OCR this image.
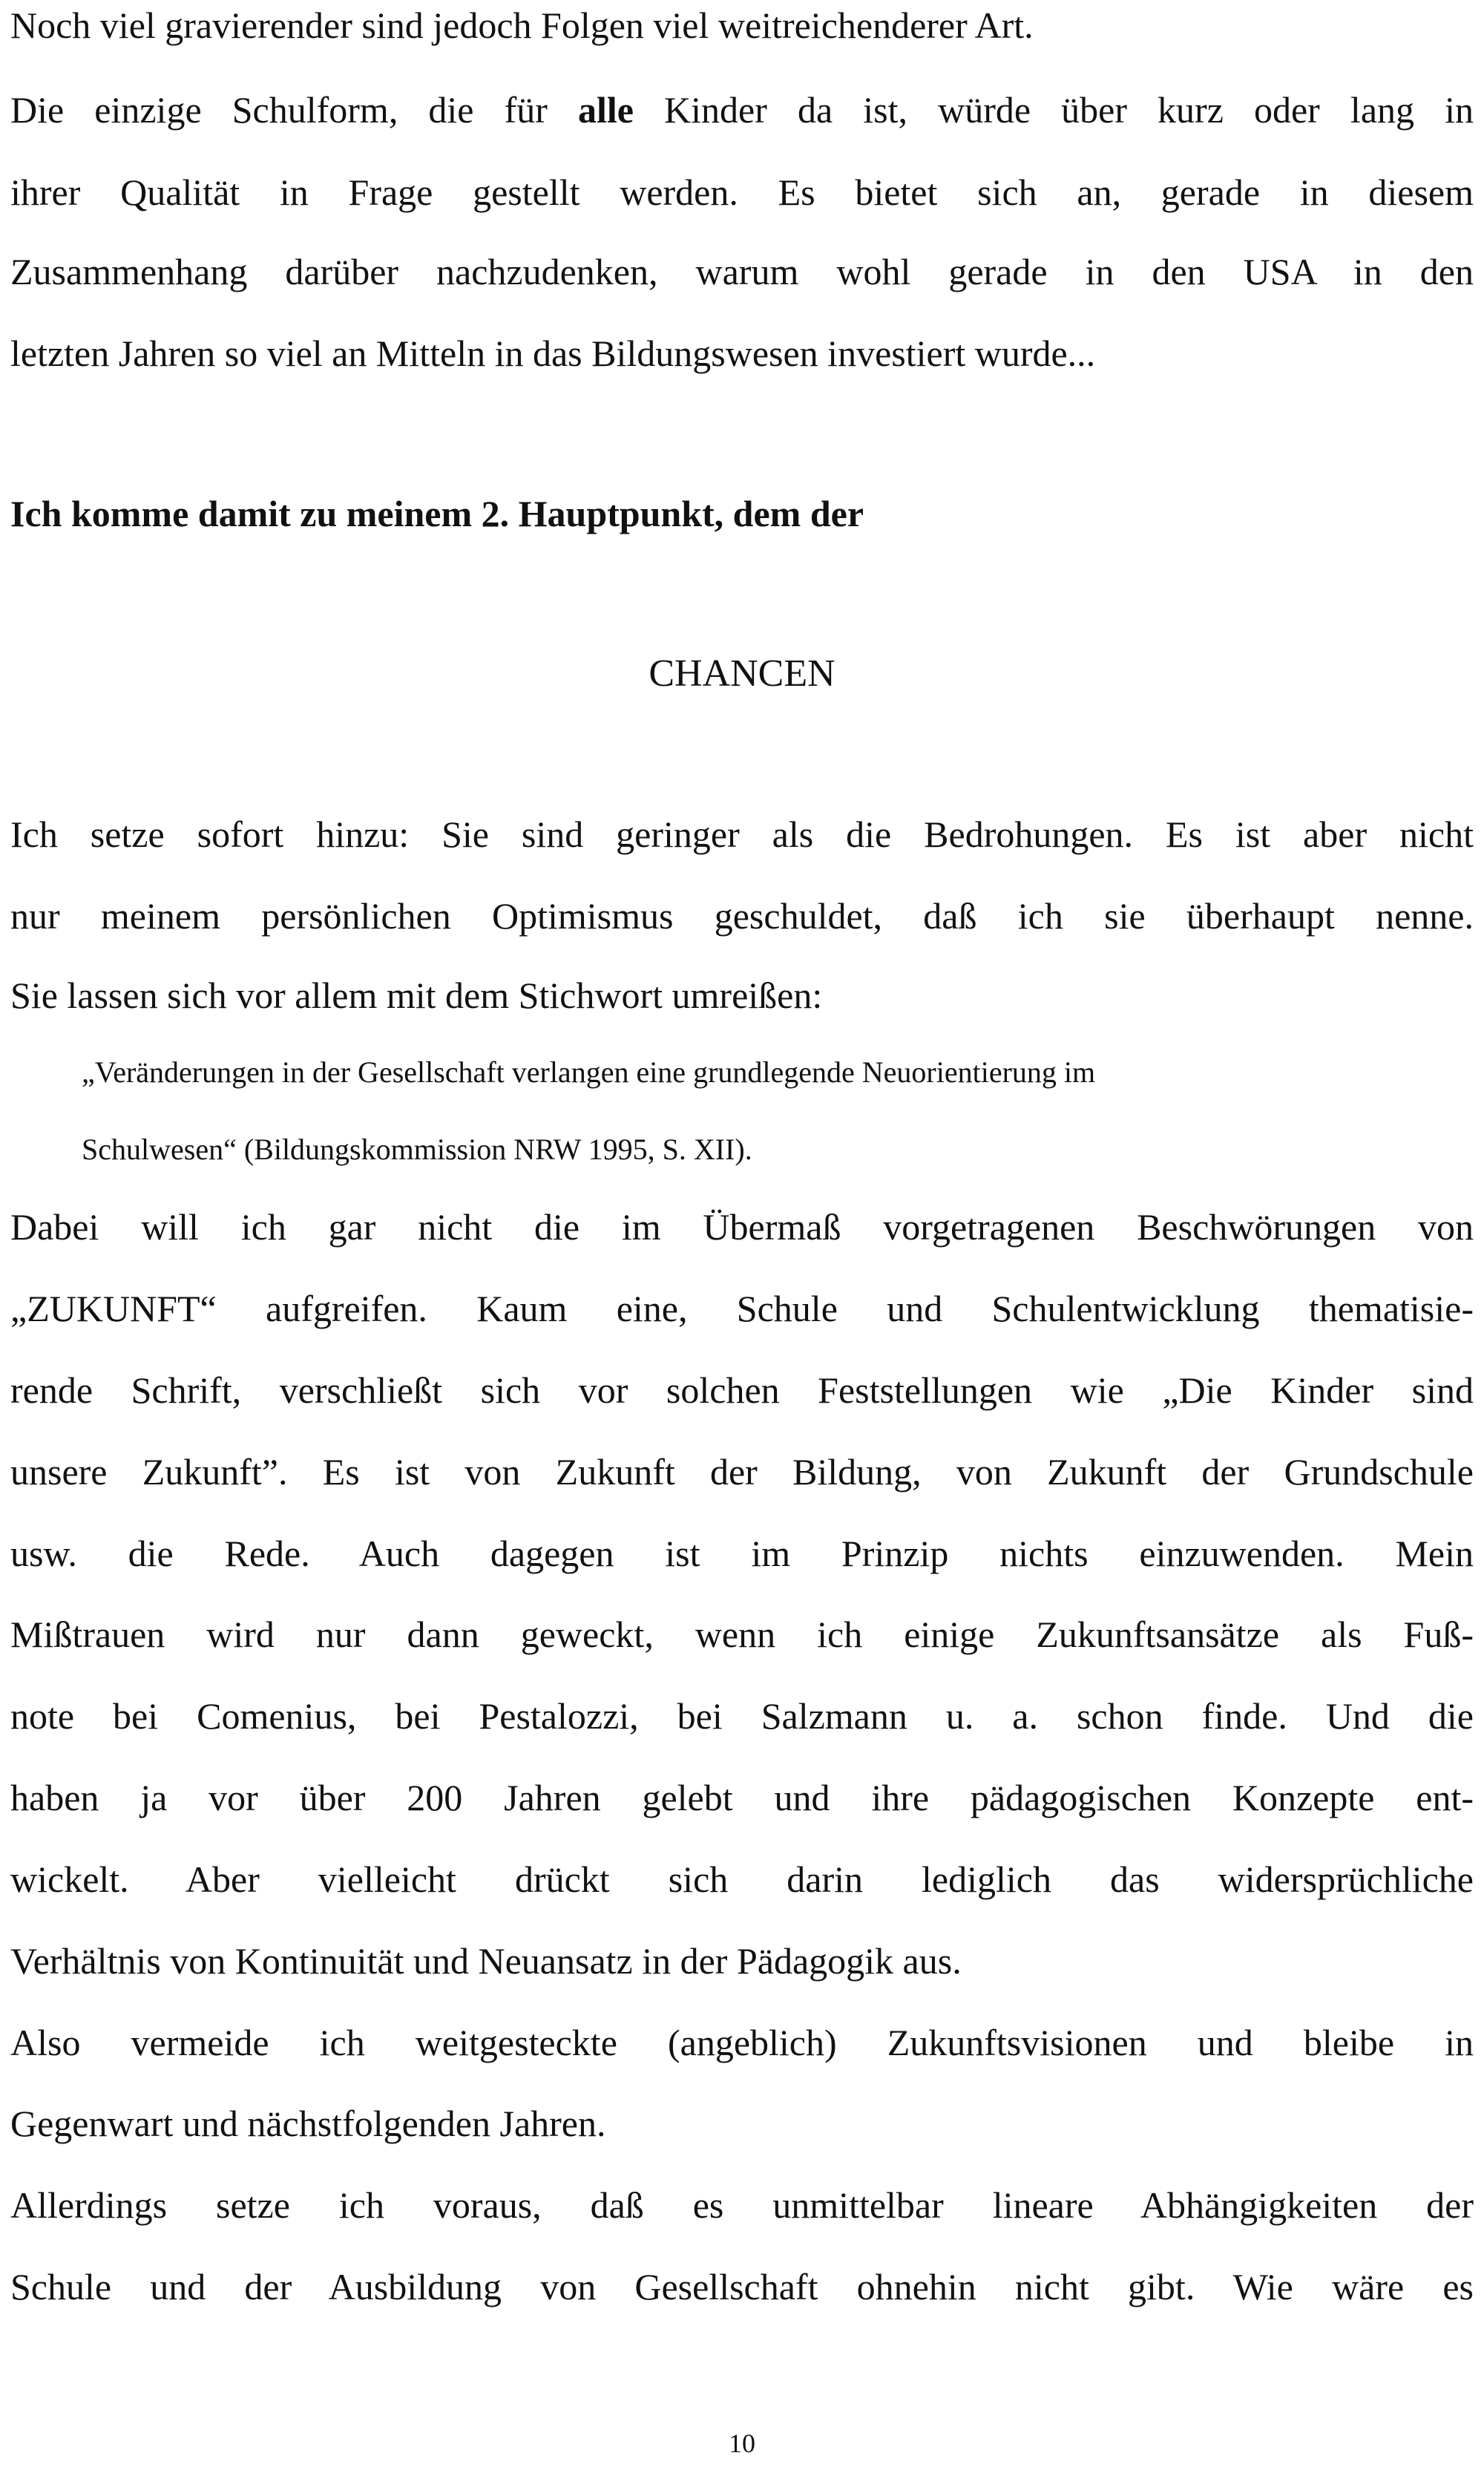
Noch viel gravierender sind jedoch Folgen viel weitreichenderer Art.
Die einzige Schulform, die für alle Kinder da ist, würde über kurz oder lang in
ihrer Qualität in Frage gestellt werden. Es bietet sich an, gerade in diesem
Zusammenhang darüber nachzudenken, warum wohl gerade in den USA in den
letzten Jahren so viel an Mitteln in das Bildungswesen investiert wurde...
Ich komme damit zu meinem 2. Hauptpunkt, dem der
CHANCEN
Ich setze sofort hinzu: Sie sind geringer als die Bedrohungen. Es ist aber nicht
nur meinem persönlichen Optimismus geschuldet, daß ich sie überhaupt nenne.
Sie lassen sich vor allem mit dem Stichwort umreißen:
„Veränderungen in der Gesellschaft verlangen eine grundlegende Neuorientierung im
Schulwesen“ (Bildungskommission NRW 1995, S. XII).
Dabei will ich gar nicht die im Übermaß vorgetragenen Beschwörungen von
„ZUKUNFT“ aufgreifen. Kaum eine, Schule und Schulentwicklung thematisie-
rende Schrift, verschließt sich vor solchen Feststellungen wie „Die Kinder sind
unsere Zukunft”. Es ist von Zukunft der Bildung, von Zukunft der Grundschule
usw. die Rede. Auch dagegen ist im Prinzip nichts einzuwenden. Mein
Mißtrauen wird nur dann geweckt, wenn ich einige Zukunftsansätze als Fuß-
note bei Comenius, bei Pestalozzi, bei Salzmann u. a. schon finde. Und die
haben ja vor über 200 Jahren gelebt und ihre pädagogischen Konzepte ent-
wickelt. Aber vielleicht drückt sich darin lediglich das widersprüchliche
Verhältnis von Kontinuität und Neuansatz in der Pädagogik aus.
Also vermeide ich weitgesteckte (angeblich) Zukunftsvisionen und bleibe in
Gegenwart und nächstfolgenden Jahren.
Allerdings setze ich voraus, daß es unmittelbar lineare Abhängigkeiten der
Schule und der Ausbildung von Gesellschaft ohnehin nicht gibt. Wie wäre es
10
